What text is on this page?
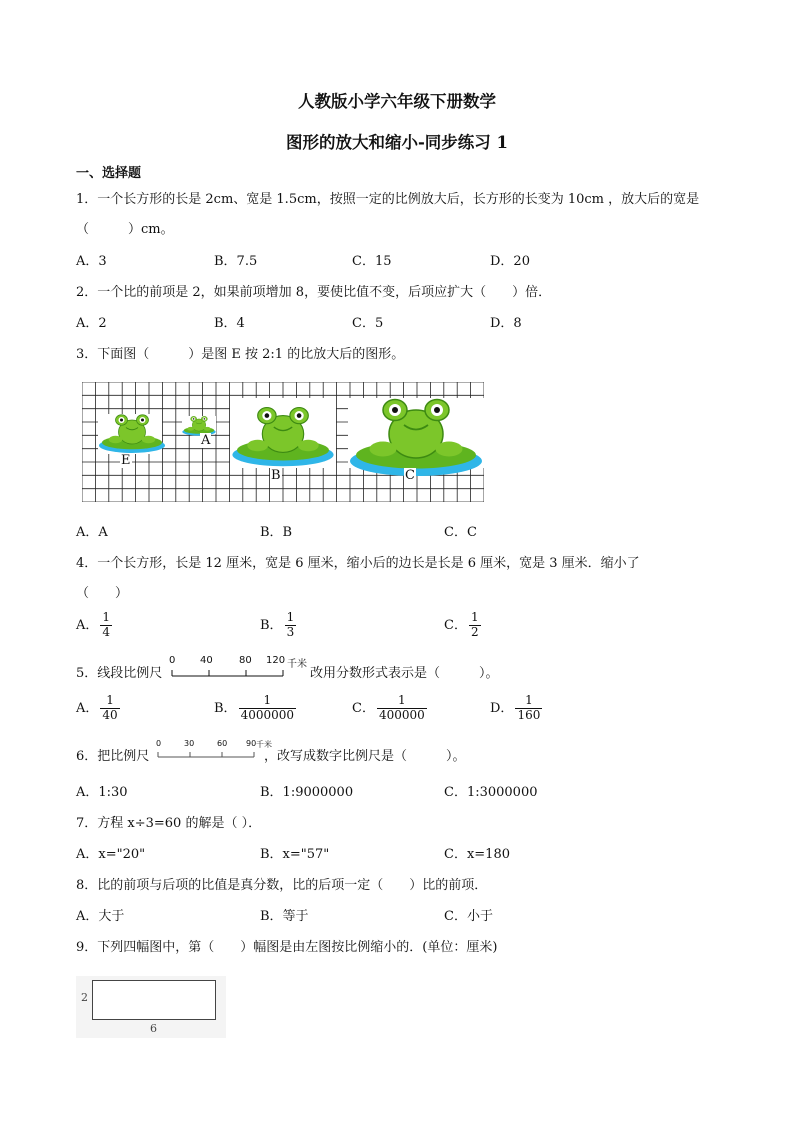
人教版小学六年级下册数学
图形的放大和缩小-同步练习 1
一、选择题
1．一个长方形的长是 2cm、宽是 1.5cm，按照一定的比例放大后，长方形的长变为 10cm ，放大后的宽是
（　　　）cm。
A．3	B．7.5	C．15	D．20
2．一个比的前项是 2，如果前项增加 8，要使比值不变，后项应扩大（　　）倍．
A．2	B．4	C．5	D．8
3．下面图（　　　）是图 E 按 2:1 的比放大后的图形。
E
A
B	C
A．A	B．B	C．C
4．一个长方形，长是 12 厘米，宽是 6 厘米，缩小后的边长是长是 6 厘米，宽是 3 厘米．缩小了
（　　）
A． $\frac{1}{4}$	B． $\frac{1}{3}$	C． $\frac{1}{2}$
5．线段比例尺
0 40	80 120 千米
改用分数形式表示是（　　　）。
A． $\frac{1}{40}$	B． $\frac{1}{4000000}$	C． $\frac{1}{400000}$	D． $\frac{1}{160}$
6．把比例尺
0	30	60 90 千米
，改写成数字比例尺是（　　　）。
A．1:30	B．1:9000000	C．1:3000000
7．方程 x÷3=60 的解是（ ）．
A．x="20"	B．x="57"	C．x=180
8．比的前项与后项的比值是真分数，比的后项一定（　　）比的前项．
A．大于	B．等于	C．小于
9．下列四幅图中，第（　　）幅图是由左图按比例缩小的．(单位：厘米)
2
6
